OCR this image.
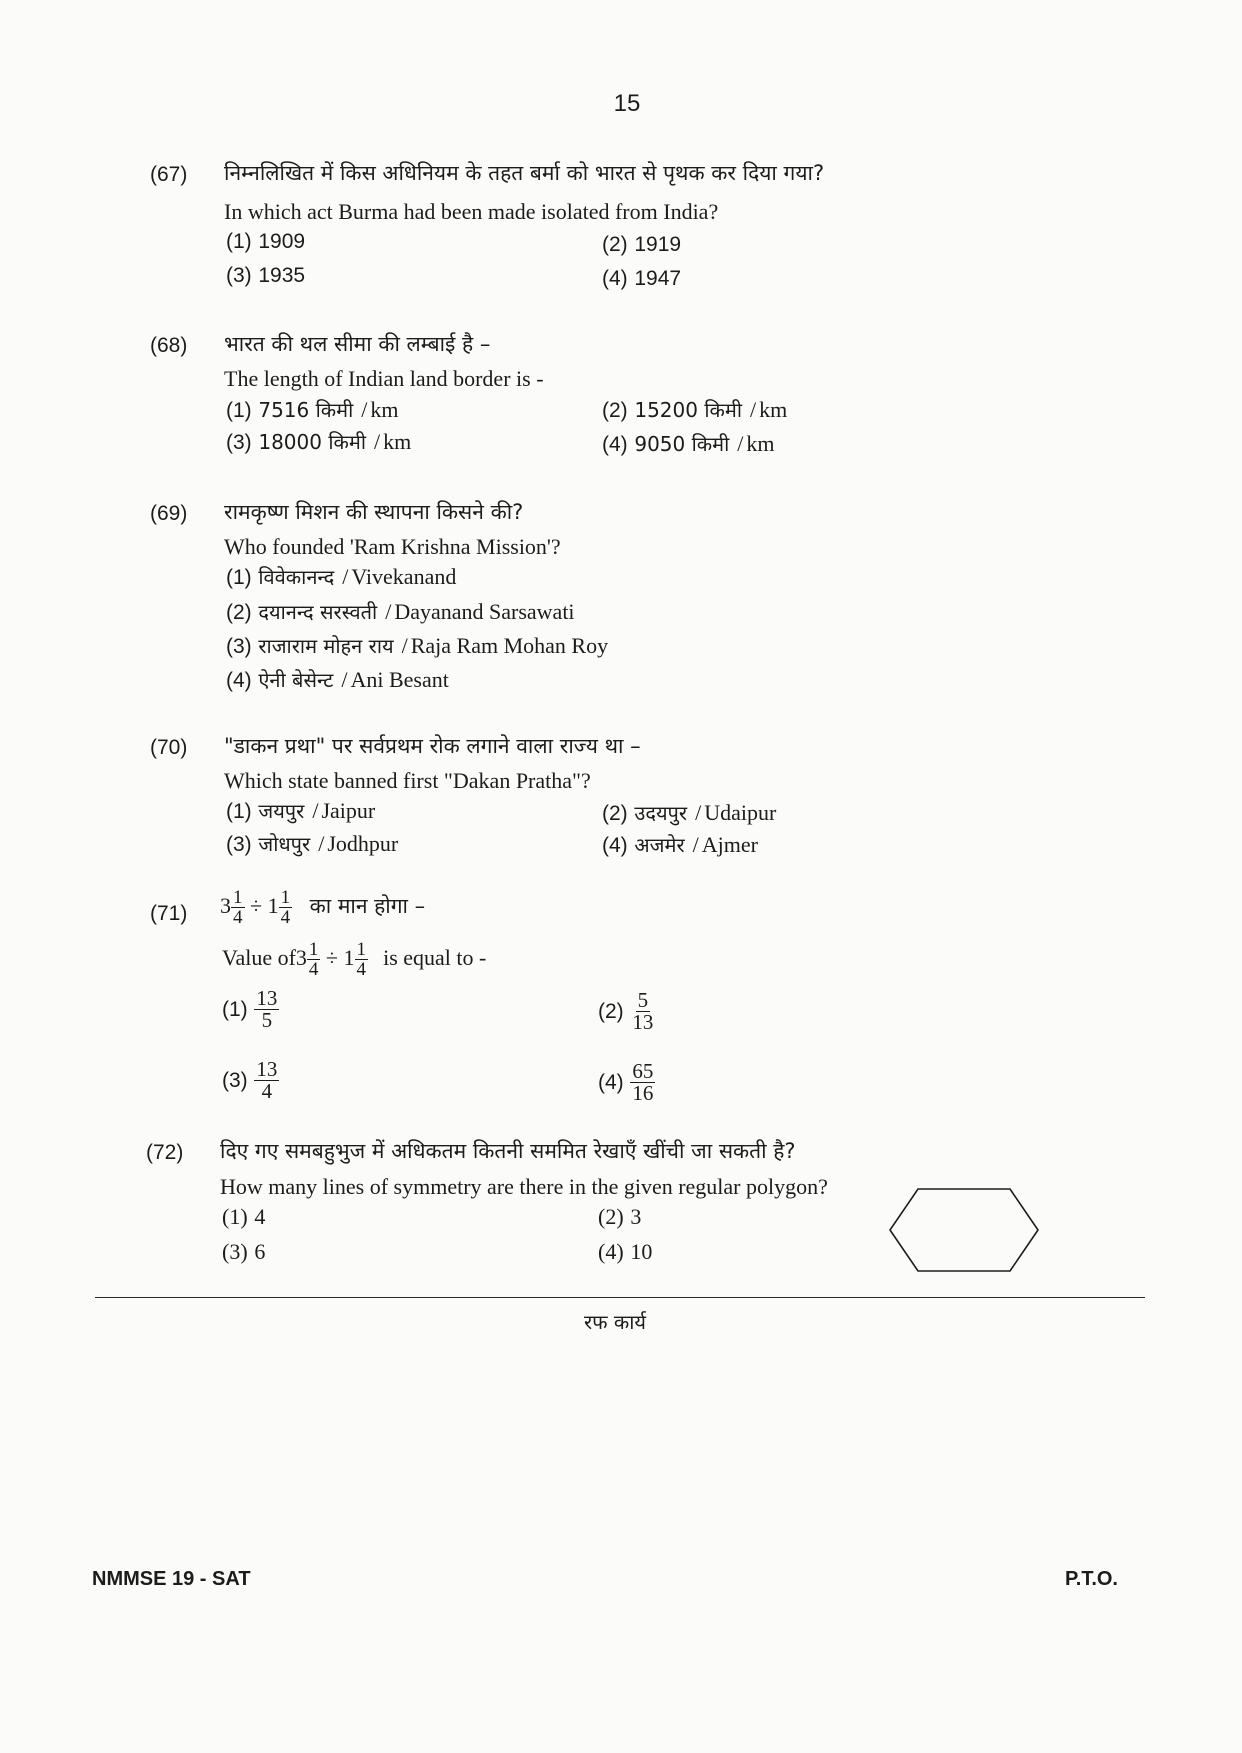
15
(67) निम्नलिखित में किस अधिनियम के तहत बर्मा को भारत से पृथक कर दिया गया?
In which act Burma had been made isolated from India?
(1) 1909	(2) 1919
(3) 1935	(4) 1947
(68) भारत की थल सीमा की लम्बाई है –
The length of Indian land border is -
(1) 7516 किमी / km	(2) 15200 किमी / km
(3) 18000 किमी / km	(4) 9050 किमी / km
(69) रामकृष्ण मिशन की स्थापना किसने की?
Who founded 'Ram Krishna Mission'?
(1) विवेकानन्द / Vivekanand
(2) दयानन्द सरस्वती / Dayanand Sarsawati
(3) राजाराम मोहन राय / Raja Ram Mohan Roy
(4) ऐनी बेसेन्ट / Ani Besant
(70) "डाकन प्रथा" पर सर्वप्रथम रोक लगाने वाला राज्य था –
Which state banned first "Dakan Pratha"?
(1) जयपुर / Jaipur	(2) उदयपुर / Udaipur
(3) जोधपुर / Jodhpur	(4) अजमेर / Ajmer
(71) $3 \frac{1}{4} \div 1 \frac{1}{4}$ का मान होगा –
Value $of3 \frac{1}{4} \div 1 \frac{1}{4}$ is equal to -
$(1) \frac{13}{5}$	$(2) \frac{5}{13}$
$(3) \frac{13}{4}$	$(4) \frac{65}{16}$
(72) दिए गए समबहुभुज में अधिकतम कितनी सममित रेखाएँ खींची जा सकती है?
How many lines of symmetry are there in the given regular polygon?
(1) 4	(2) 3
(3) 6	(4) 10
रफ कार्य
NMMSE 19 - SAT	P.T.O.
